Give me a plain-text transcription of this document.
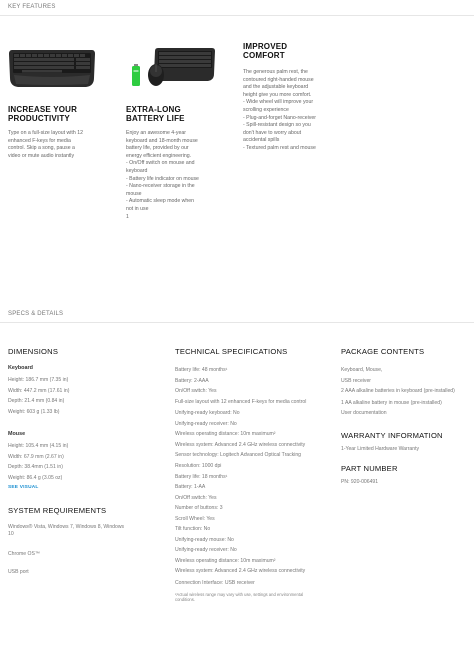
KEY FEATURES
INCREASE YOUR
PRODUCTIVITY
Type on a full-size layout with 12
enhanced F-keys for media
control. Skip a song, pause a
video or mute audio instantly
EXTRA-LONG
BATTERY LIFE
Enjoy an awesome 4-year
keyboard and 18-month mouse
battery life, provided by our
energy efficient engineering.
- On/Off switch on mouse and
keyboard
- Battery life indicator on mouse
- Nano-receiver storage in the
mouse
- Automatic sleep mode when
not in use
1
IMPROVED
COMFORT
The generous palm rest, the
contoured right-handed mouse
and the adjustable keyboard
height give you more comfort.
- Wide wheel will improve your
scrolling experience
- Plug-and-forget Nano-receiver
- Spill-resistant design so you
don't have to worry about
accidental spills
- Textured palm rest and mouse
SPECS & DETAILS
DIMENSIONS
Keyboard
Height: 186.7 mm (7.35 in)
Width: 447.2 mm (17.61 in)
Depth: 21.4 mm (0.84 in)
Weight: 603 g (1.33 lb)
Mouse
Height: 105.4 mm (4.15 in)
Width: 67.9 mm (2.67 in)
Depth: 38.4mm (1.51 in)
Weight: 86.4 g (3.05 oz)
SEE VISUAL
SYSTEM REQUIREMENTS
Windows® Vista, Windows 7, Windows 8, Windows 10
Chrome OS™
USB port
TECHNICAL SPECIFICATIONS
Battery life: 48 months¹
Battery: 2-AAA
On/Off switch: Yes
Full-size layout with 12 enhanced F-keys for media control
Unifying-ready keyboard: No
Unifying-ready receiver: No
Wireless operating distance: 10m maximum²
Wireless system: Advanced 2.4 GHz wireless connectivity
Sensor technology: Logitech Advanced Optical Tracking
Resolution: 1000 dpi
Battery life: 18 months¹
Battery: 1-AA
On/Off switch: Yes
Number of buttons: 3
Scroll Wheel: Yes
Tilt function: No
Unifying-ready mouse: No
Unifying-ready receiver: No
Wireless operating distance: 10m maximum²
Wireless system: Advanced 2.4 GHz wireless connectivity
Connection Interface: USB receiver
²Actual wireless range may vary with use, settings and environmental conditions.
PACKAGE CONTENTS
Keyboard, Mouse,
USB receiver
2 AAA alkaline batteries in keyboard (pre-installed)
1 AA alkaline battery in mouse (pre-installed)
User documentation
WARRANTY INFORMATION
1-Year Limited Hardware Warranty
PART NUMBER
PN: 920-006491
